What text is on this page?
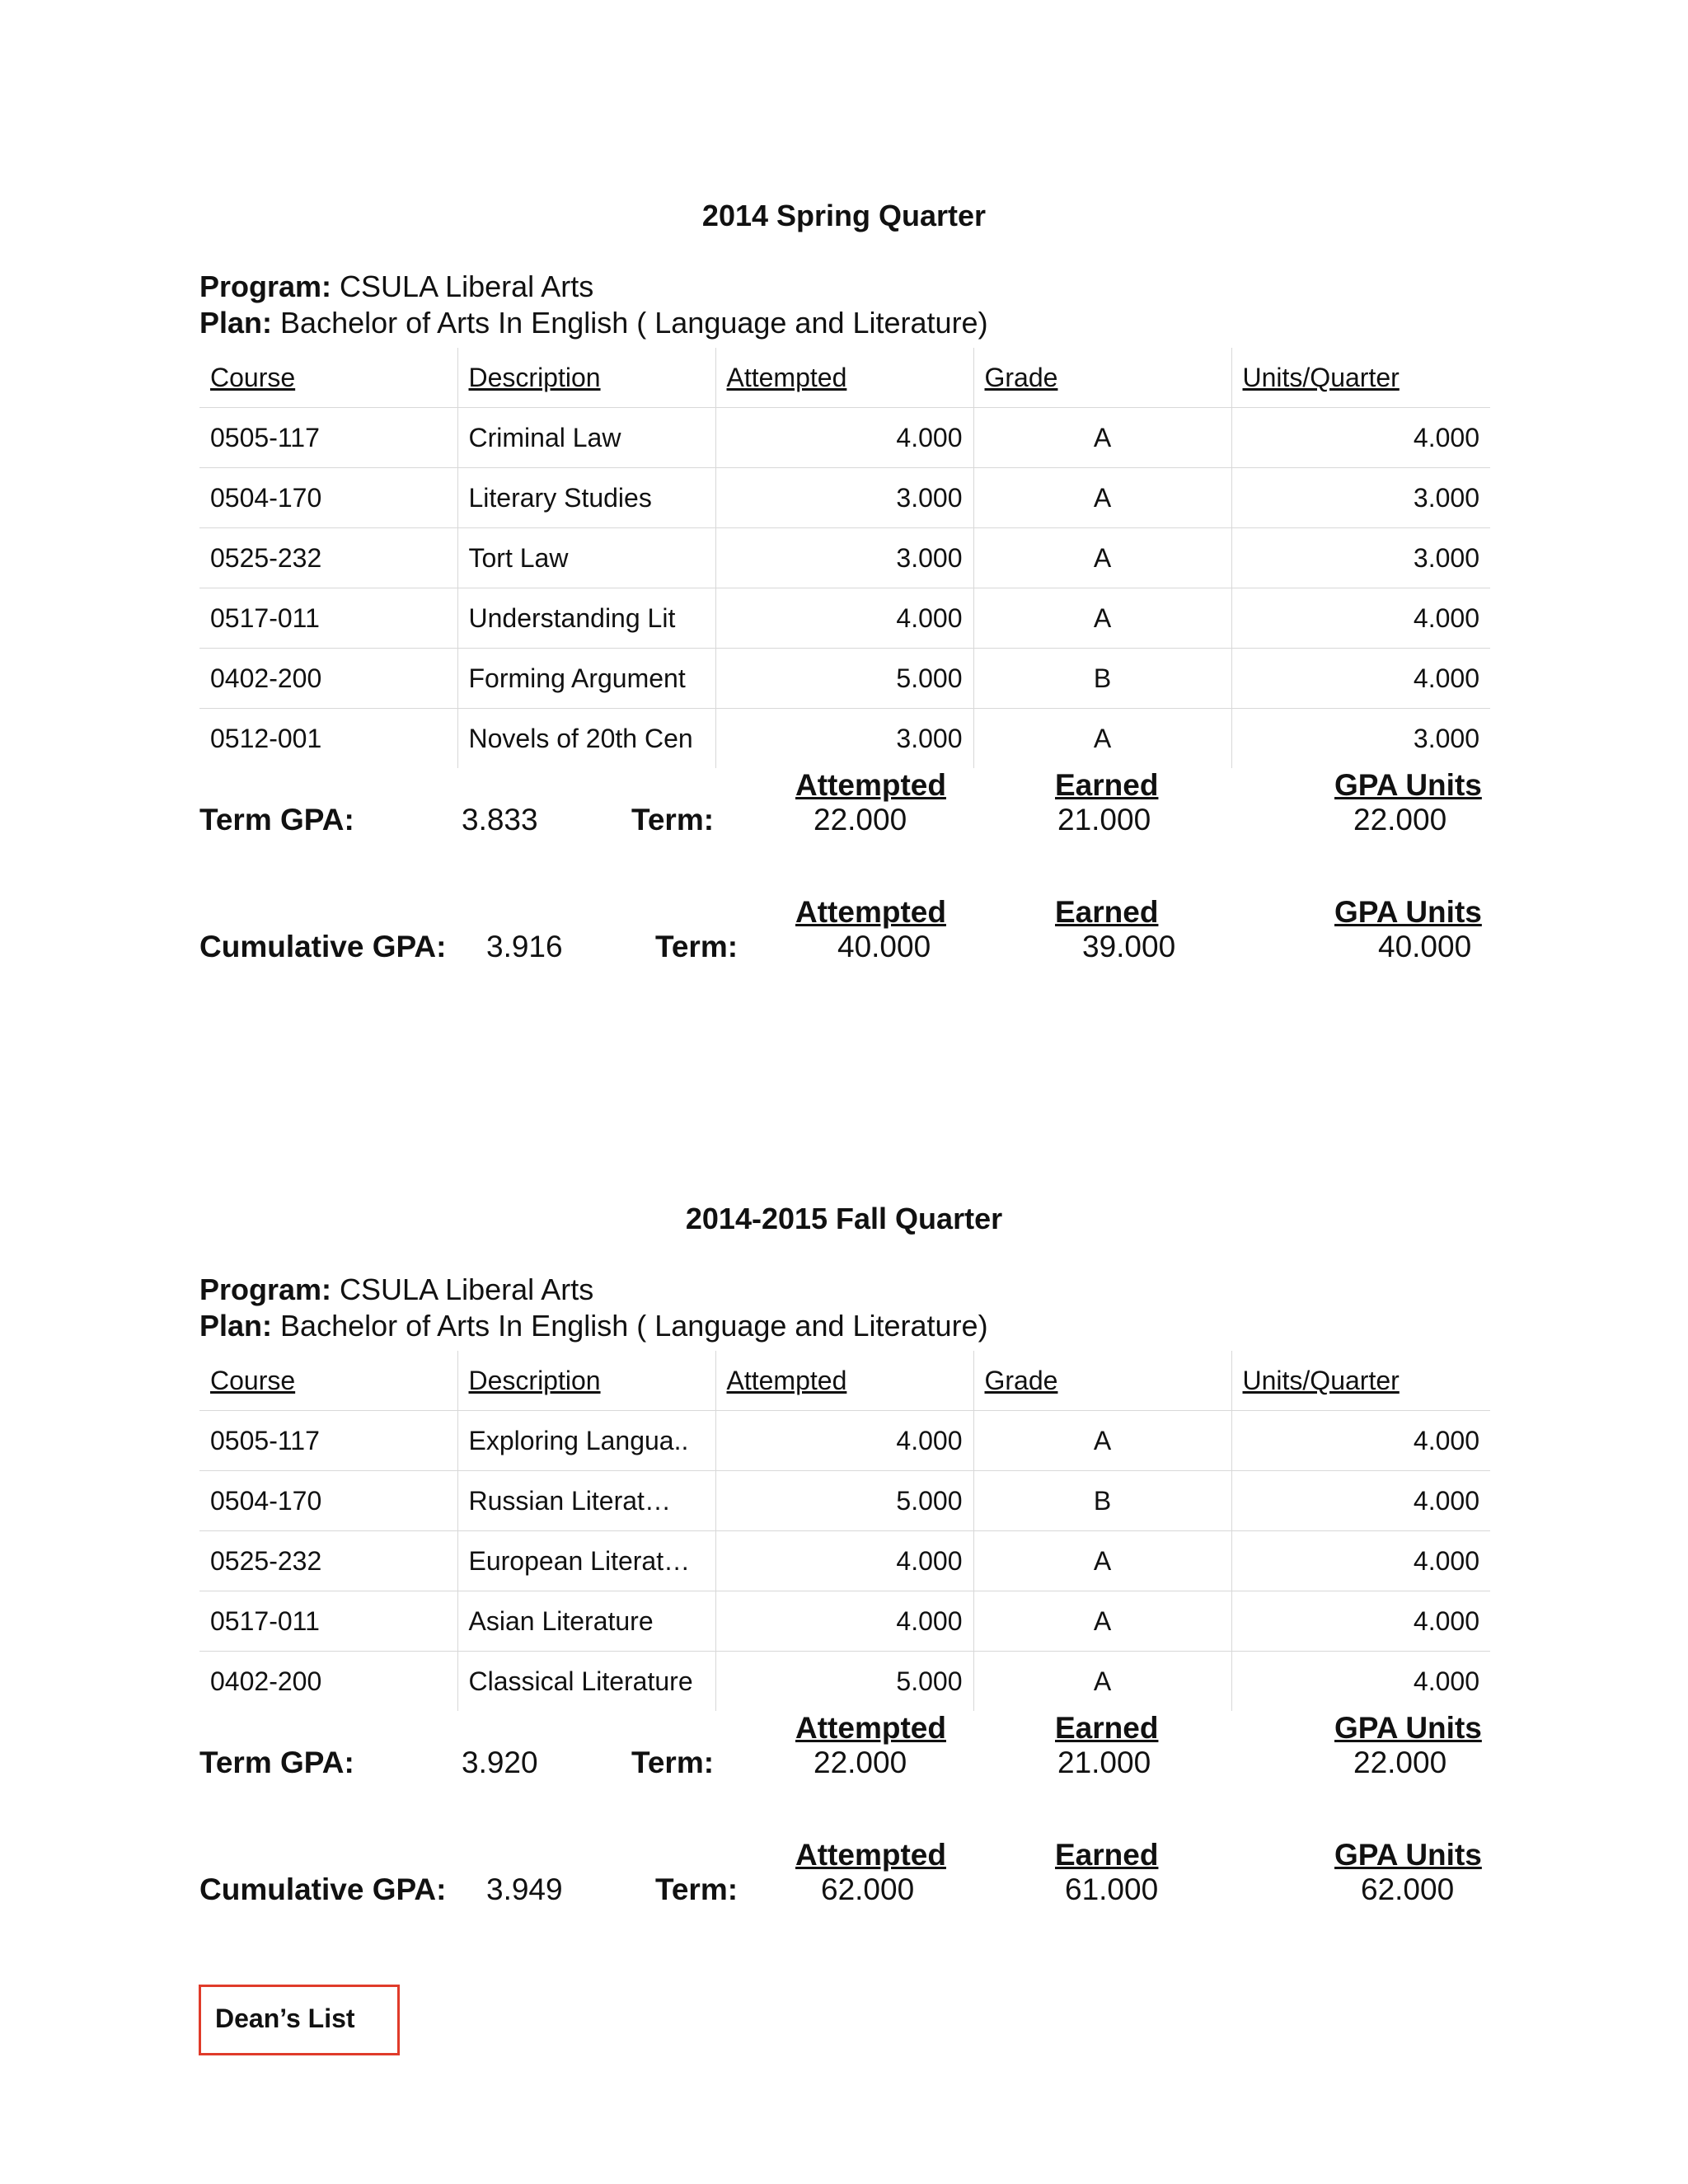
2014 Spring Quarter
Program: CSULA Liberal Arts
Plan: Bachelor of Arts In English ( Language and Literature)
Course	Description	Attempted	Grade	Units/Quarter
0505-117	Criminal Law	4.000	A	4.000
0504-170	Literary Studies	3.000	A	3.000
0525-232	Tort Law	3.000	A	3.000
0517-011	Understanding Lit	4.000	A	4.000
0402-200	Forming Argument	5.000	B	4.000
0512-001	Novels of 20th Cen	3.000	A	3.000
Attempted	Earned	GPA Units
Term GPA:	3.833	Term:	22.000	21.000	22.000
Attempted	Earned	GPA Units
Cumulative GPA: 3.916	Term:	40.000	39.000	40.000
2014-2015 Fall Quarter
Program: CSULA Liberal Arts
Plan: Bachelor of Arts In English ( Language and Literature)
Course	Description	Attempted	Grade	Units/Quarter
0505-117	Exploring Langua..	4.000	A	4.000
0504-170	Russian Literat…	5.000	B	4.000
0525-232	European Literat…	4.000	A	4.000
0517-011	Asian Literature	4.000	A	4.000
0402-200	Classical Literature	5.000	A	4.000
Attempted	Earned	GPA Units
Term GPA:	3.920	Term:	22.000	21.000	22.000
Attempted	Earned	GPA Units
Cumulative GPA: 3.949	Term:	62.000	61.000	62.000
Dean’s List
